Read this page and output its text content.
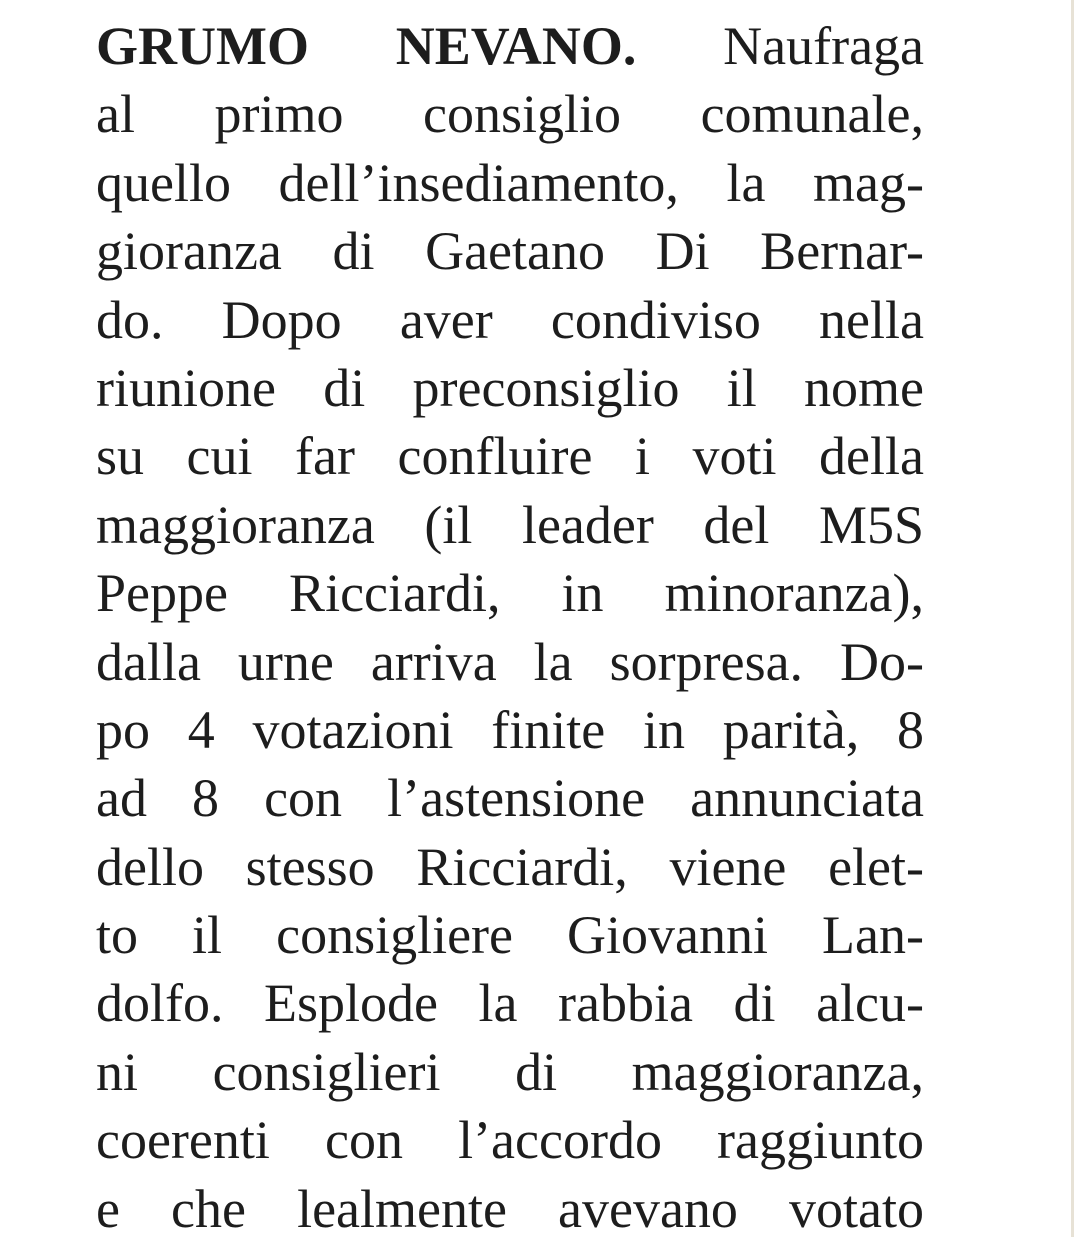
GRUMO NEVANO. Naufraga
al primo consiglio comunale,
quello dell’insediamento, la mag-
gioranza di Gaetano Di Bernar-
do. Dopo aver condiviso nella
riunione di preconsiglio il nome
su cui far confluire i voti della
maggioranza (il leader del M5S
Peppe Ricciardi, in minoranza),
dalla urne arriva la sorpresa. Do-
po 4 votazioni finite in parità, 8
ad 8 con l’astensione annunciata
dello stesso Ricciardi, viene elet-
to il consigliere Giovanni Lan-
dolfo. Esplode la rabbia di alcu-
ni consiglieri di maggioranza,
coerenti con l’accordo raggiunto
e che lealmente avevano votato
